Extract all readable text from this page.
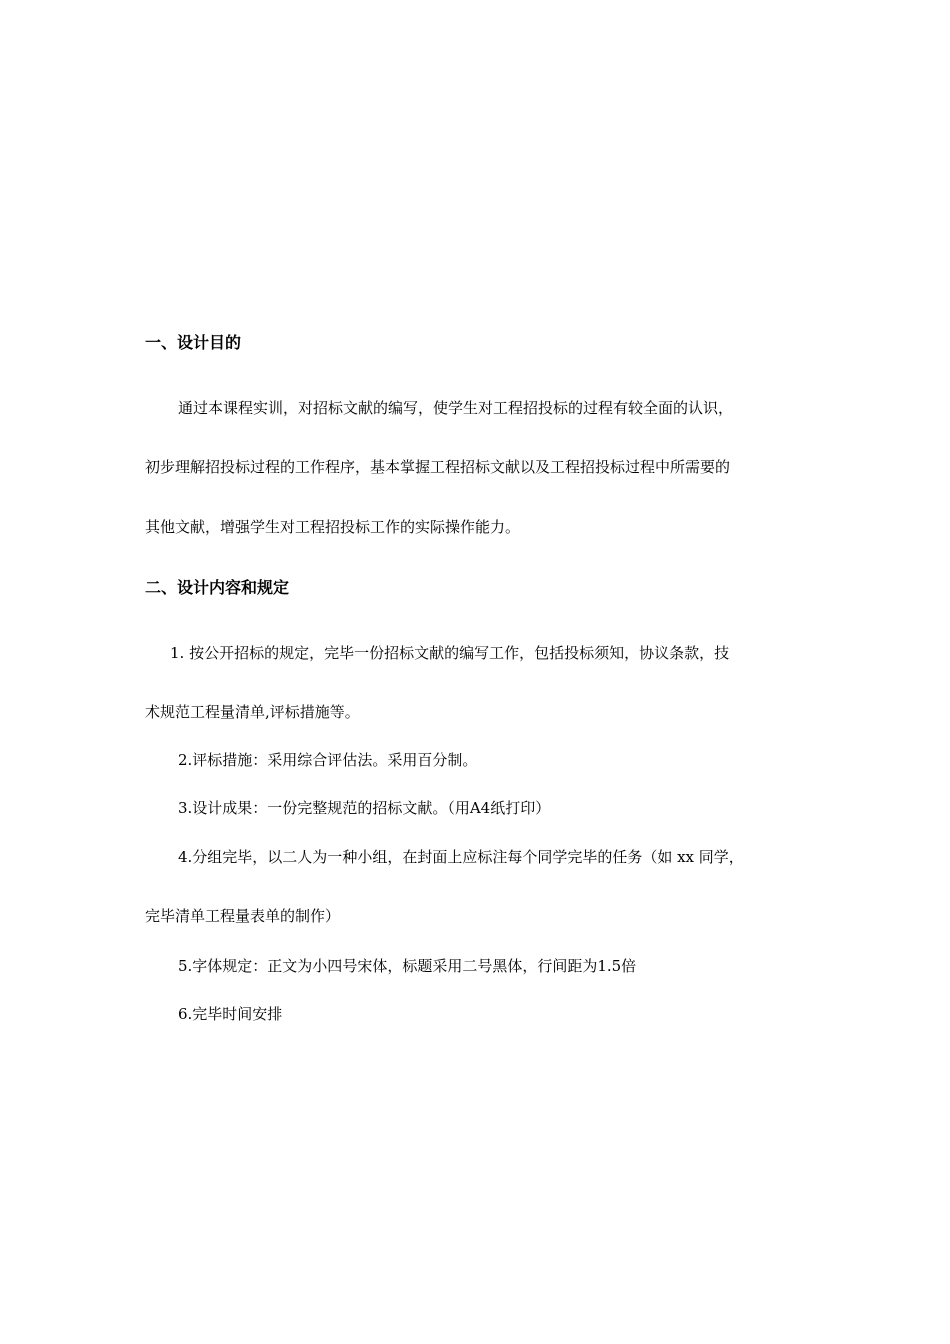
一、设计目的
通过本课程实训，对招标文献的编写，使学生对工程招投标的过程有较全面的认识，
初步理解招投标过程的工作程序，基本掌握工程招标文献以及工程招投标过程中所需要的
其他文献，增强学生对工程招投标工作的实际操作能力。
二、设计内容和规定
1. 按公开招标的规定，完毕一份招标文献的编写工作，包括投标须知，协议条款，技
术规范工程量清单,评标措施等。
2.评标措施：采用综合评估法。采用百分制。
3.设计成果：一份完整规范的招标文献。（用A4纸打印）
4.分组完毕，以二人为一种小组，在封面上应标注每个同学完毕的任务（如 xx 同学，
完毕清单工程量表单的制作）
5.字体规定：正文为小四号宋体，标题采用二号黑体，行间距为1.5倍
6.完毕时间安排
